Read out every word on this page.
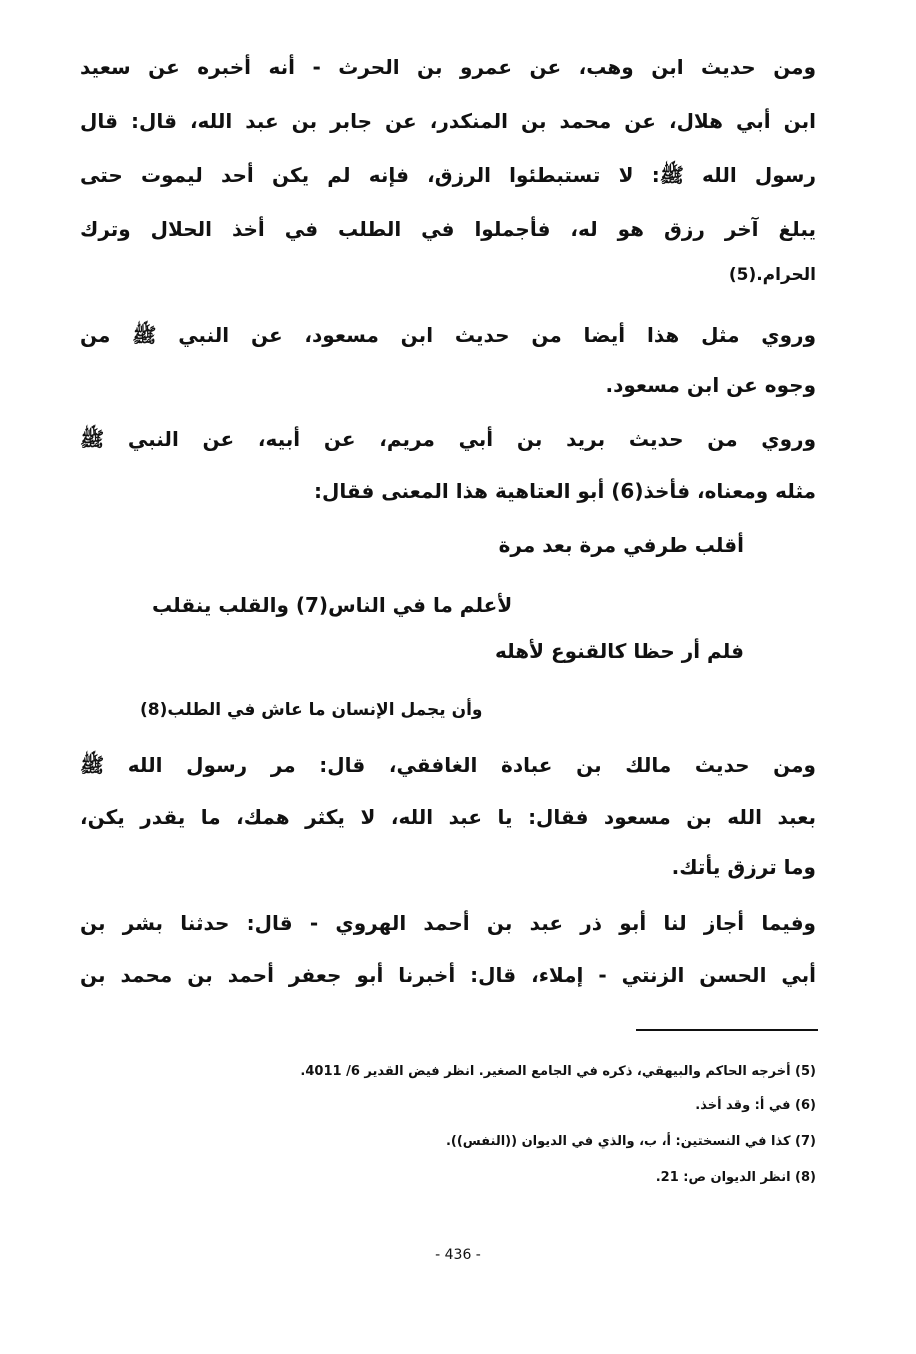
ومن حديث ابن وهب، عن عمرو بن الحرث - أنه أخبره عن سعيد
ابن أبي هلال، عن محمد بن المنكدر، عن جابر بن عبد الله، قال: قال
رسول الله ﷺ: لا تستبطئوا الرزق، فإنه لم يكن أحد ليموت حتى
يبلغ آخر رزق هو له، فأجملوا في الطلب في أخذ الحلال وترك
الحرام.(5)
وروي مثل هذا أيضا من حديث ابن مسعود، عن النبي ﷺ من
وجوه عن ابن مسعود.
وروي من حديث بريد بن أبي مريم، عن أبيه، عن النبي ﷺ
مثله ومعناه، فأخذ(6) أبو العتاهية هذا المعنى فقال:
أقلب طرفي مرة بعد مرة
لأعلم ما في الناس(7) والقلب ينقلب
فلم أر حظا كالقنوع لأهله
وأن يجمل الإنسان ما عاش في الطلب(8)
ومن حديث مالك بن عبادة الغافقي، قال: مر رسول الله ﷺ
بعبد الله بن مسعود فقال: يا عبد الله، لا يكثر همك، ما يقدر يكن،
وما ترزق يأتك.
وفيما أجاز لنا أبو ذر عبد بن أحمد الهروي - قال: حدثنا بشر بن
أبي الحسن الزنتي - إملاء، قال: أخبرنا أبو جعفر أحمد بن محمد بن
(5) أخرجه الحاكم والبيهقي، ذكره في الجامع الصغير. انظر فيض القدير 6/ 4011.
(6) في أ: وقد أخذ.
(7) كذا في النسختين: أ، ب، والذي في الديوان ((النفس)).
(8) انظر الديوان ص: 21.
- 436 -
